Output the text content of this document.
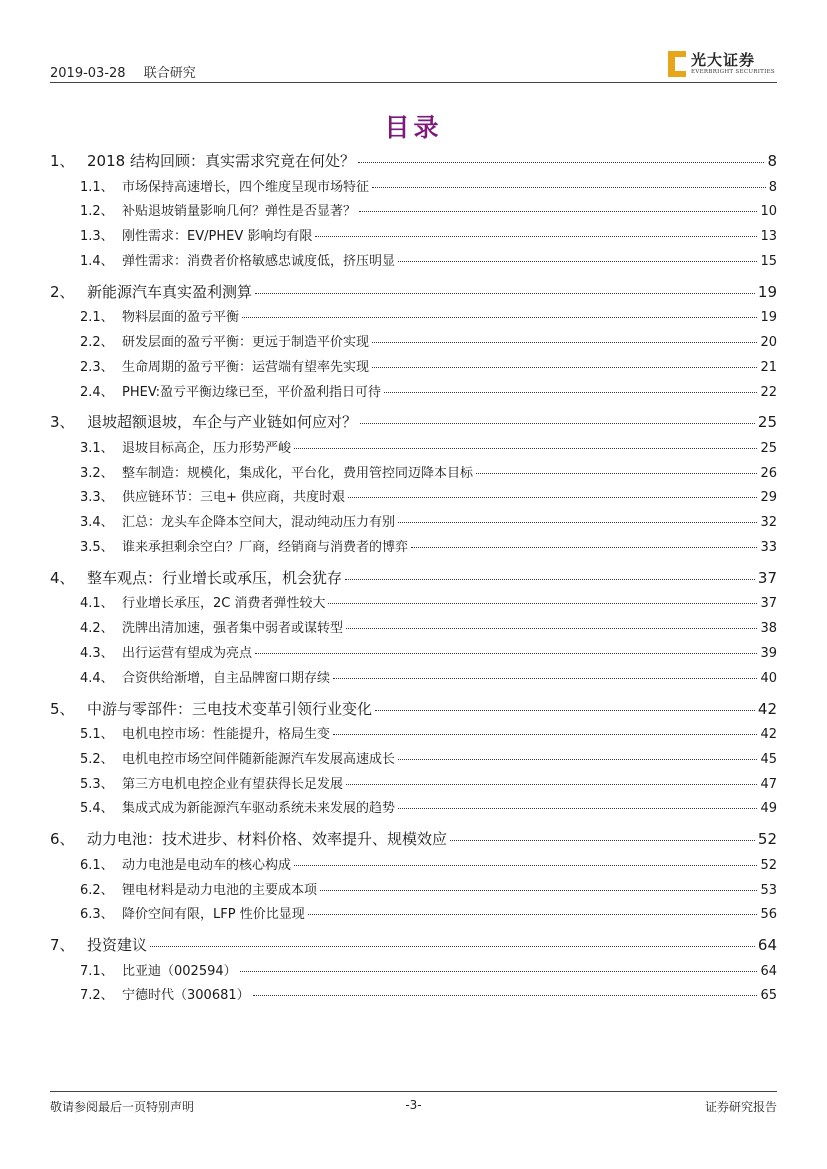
2019-03-28 联合研究
光大证券
EVERBRIGHT SECURITIES
目录
1、 2018 结构回顾：真实需求究竟在何处？	8
1.1、 市场保持高速增长，四个维度呈现市场特征	8
1.2、 补贴退坡销量影响几何？弹性是否显著？	10
1.3、 刚性需求：EV/PHEV 影响均有限	13
1.4、 弹性需求：消费者价格敏感忠诚度低，挤压明显	15
2、 新能源汽车真实盈利测算	19
2.1、 物料层面的盈亏平衡	19
2.2、 研发层面的盈亏平衡：更远于制造平价实现	20
2.3、 生命周期的盈亏平衡：运营端有望率先实现	21
2.4、 PHEV:盈亏平衡边缘已至，平价盈利指日可待	22
3、 退坡超额退坡，车企与产业链如何应对？	25
3.1、 退坡目标高企，压力形势严峻	25
3.2、 整车制造：规模化，集成化，平台化，费用管控同迈降本目标	26
3.3、 供应链环节：三电+ 供应商，共度时艰	29
3.4、 汇总：龙头车企降本空间大，混动纯动压力有别	32
3.5、 谁来承担剩余空白？厂商，经销商与消费者的博弈	33
4、 整车观点：行业增长或承压，机会犹存	37
4.1、 行业增长承压，2C 消费者弹性较大	37
4.2、 洗牌出清加速，强者集中弱者或谋转型	38
4.3、 出行运营有望成为亮点	39
4.4、 合资供给渐增，自主品牌窗口期存续	40
5、 中游与零部件：三电技术变革引领行业变化	42
5.1、 电机电控市场：性能提升，格局生变	42
5.2、 电机电控市场空间伴随新能源汽车发展高速成长	45
5.3、 第三方电机电控企业有望获得长足发展	47
5.4、 集成式成为新能源汽车驱动系统未来发展的趋势	49
6、 动力电池：技术进步、材料价格、效率提升、规模效应	52
6.1、 动力电池是电动车的核心构成	52
6.2、 锂电材料是动力电池的主要成本项	53
6.3、 降价空间有限，LFP 性价比显现	56
7、 投资建议	64
7.1、 比亚迪（002594）	64
7.2、 宁德时代（300681）	65
敬请参阅最后一页特别声明	-3-	证券研究报告
